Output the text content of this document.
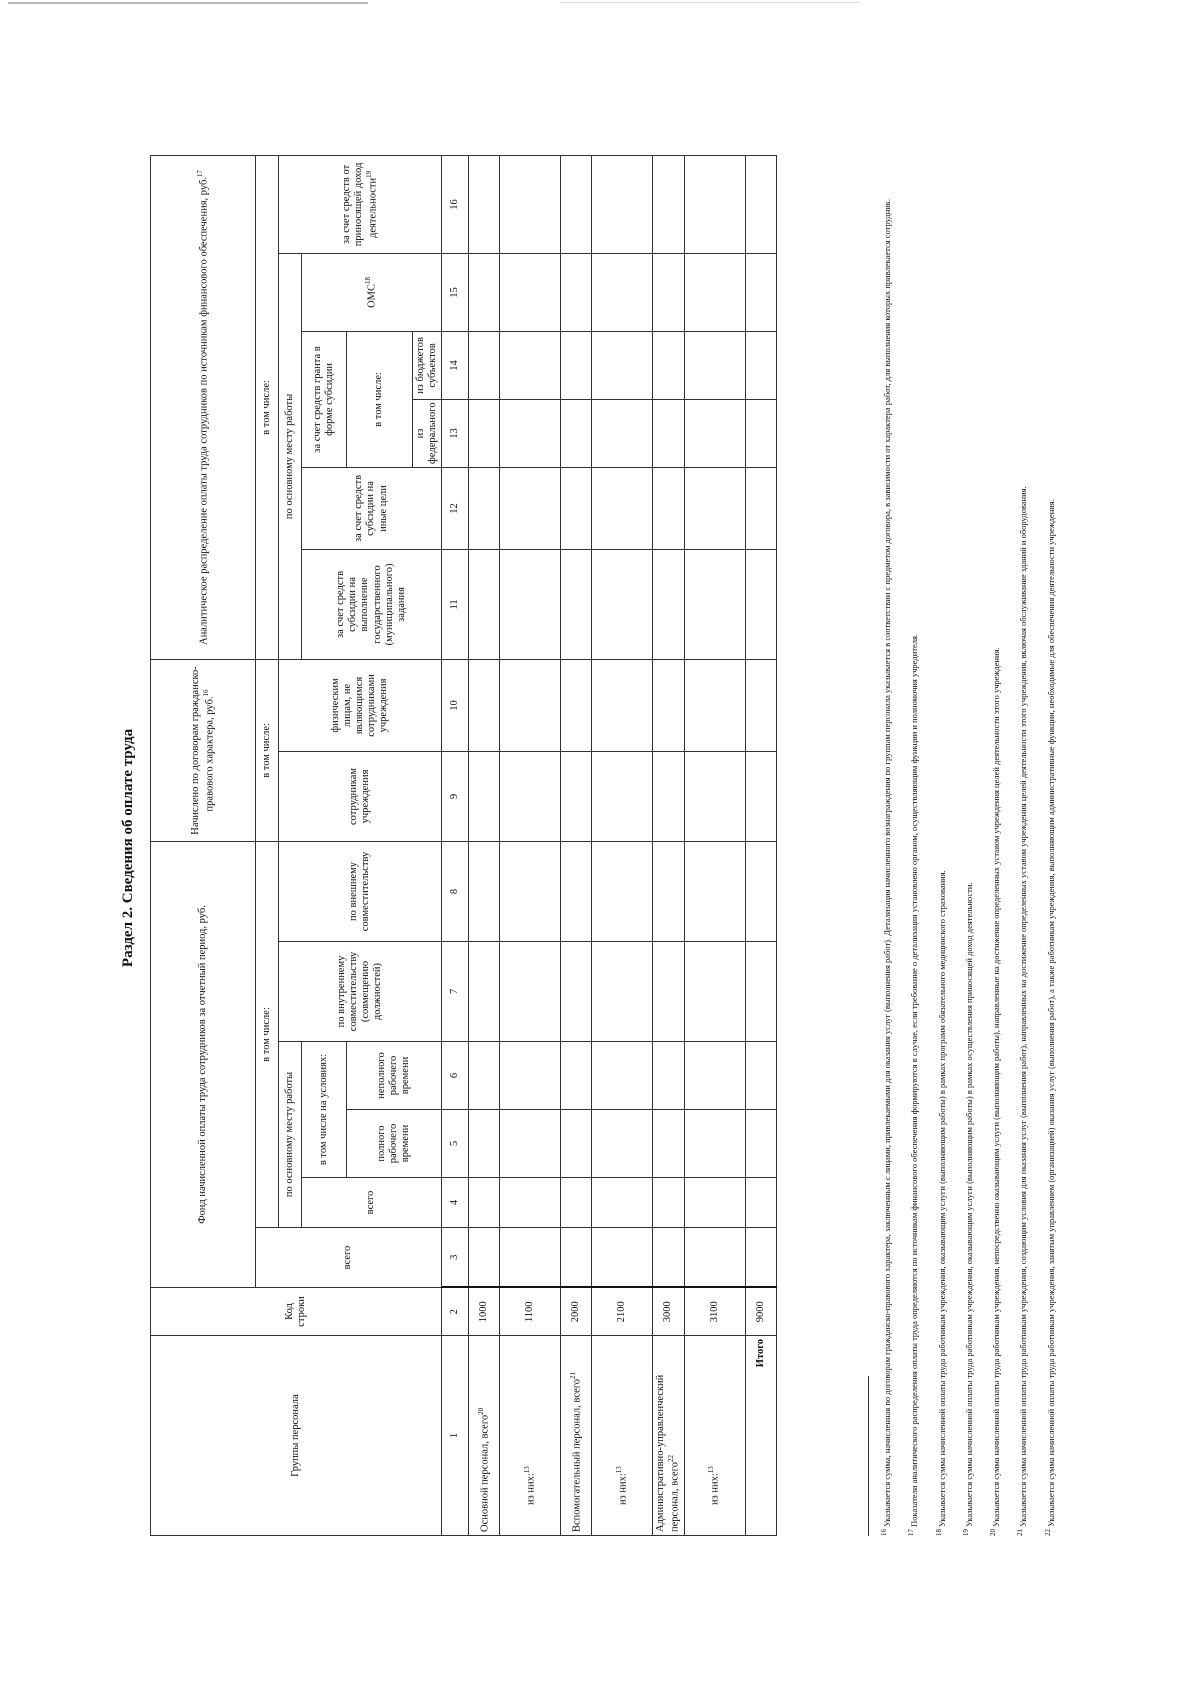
Раздел 2. Сведения об оплате труда
Группы персонала	Код строки	Фонд начисленной оплаты труда сотрудников за отчетный период, руб.						Начислено по договорам гражданско-правового характера, руб.$^{16}$		Аналитическое распределение оплаты труда сотрудников по источникам финансового обеспечения, руб.$^{17}$
		всего	в том числе:					в том числе:		в том числе:					
			по основному месту работы			по внутреннему совместительству (совмещению должностей)	по внешнему совместительству	сотрудникам учреждения	физическим лицам, не являющимся сотрудниками учреждения	по основному месту работы					за счет средств от приносящей доход деятельности$^{19}$
			всего	в том числе на условиях:						за счет средств субсидии на выполнение государственного (муниципального) задания	за счет средств субсидии на иные цели	за счет средств гранта в форме субсидии		ОМС$^{18}$
				полного рабочего времени	неполного рабочего времени							в том числе:			
												из федерального	из бюджетов субъектов		
1	2	3	4	5	6	7	8	9	10	11	12	13	14	15	16
Основной персонал, всего$^{20}$	1000														
из них:$^{13}$	1100														
Вспомогательный персонал, всего$^{21}$	2000														
из них:$^{13}$	2100														
Административно-управленческий персонал, всего$^{22}$	3000														
из них:$^{13}$	3100														
Итого	9000														

$^{16}$ Указывается сумма, начисленная по договорам гражданско-правового характера, заключенным с лицами, привлекаемыми для оказания услуг (выполнения работ). Детализация начисленного вознаграждения по группам персонала указывается в соответствии с предметом договора, в зависимости от характера работ, для выполнения которых привлекается сотрудник.

$^{17}$ Показатели аналитического распределения оплаты труда определяются по источникам финансового обеспечения формируются в случае, если требование о детализации установлено органом, осуществляющим функции и полномочия учредителя.

$^{18}$ Указывается сумма начисленной оплаты труда работникам учреждения, оказывающим услуги (выполняющим работы) в рамках программ обязательного медицинского страхования.

$^{19}$ Указывается сумма начисленной оплаты труда работникам учреждения, оказывающим услуги (выполняющим работы) в рамках осуществления приносящей доход деятельности.

$^{20}$ Указывается сумма начисленной оплаты труда работникам учреждения, непосредственно оказывающим услуги (выполняющим работы), направленные на достижение определенных уставом учреждения целей деятельности этого учреждения.

$^{21}$ Указывается сумма начисленной оплаты труда работникам учреждения, создающим условия для оказания услуг (выполнения работ), направленных на достижение определенных уставом учреждения целей деятельности этого учреждения, включая обслуживание зданий и оборудования.

$^{22}$ Указывается сумма начисленной оплаты труда работникам учреждения, занятым управлением (организацией) оказания услуг (выполнения работ), а также работникам учреждения, выполняющим административные функции, необходимые для обеспечения деятельности учреждения.
